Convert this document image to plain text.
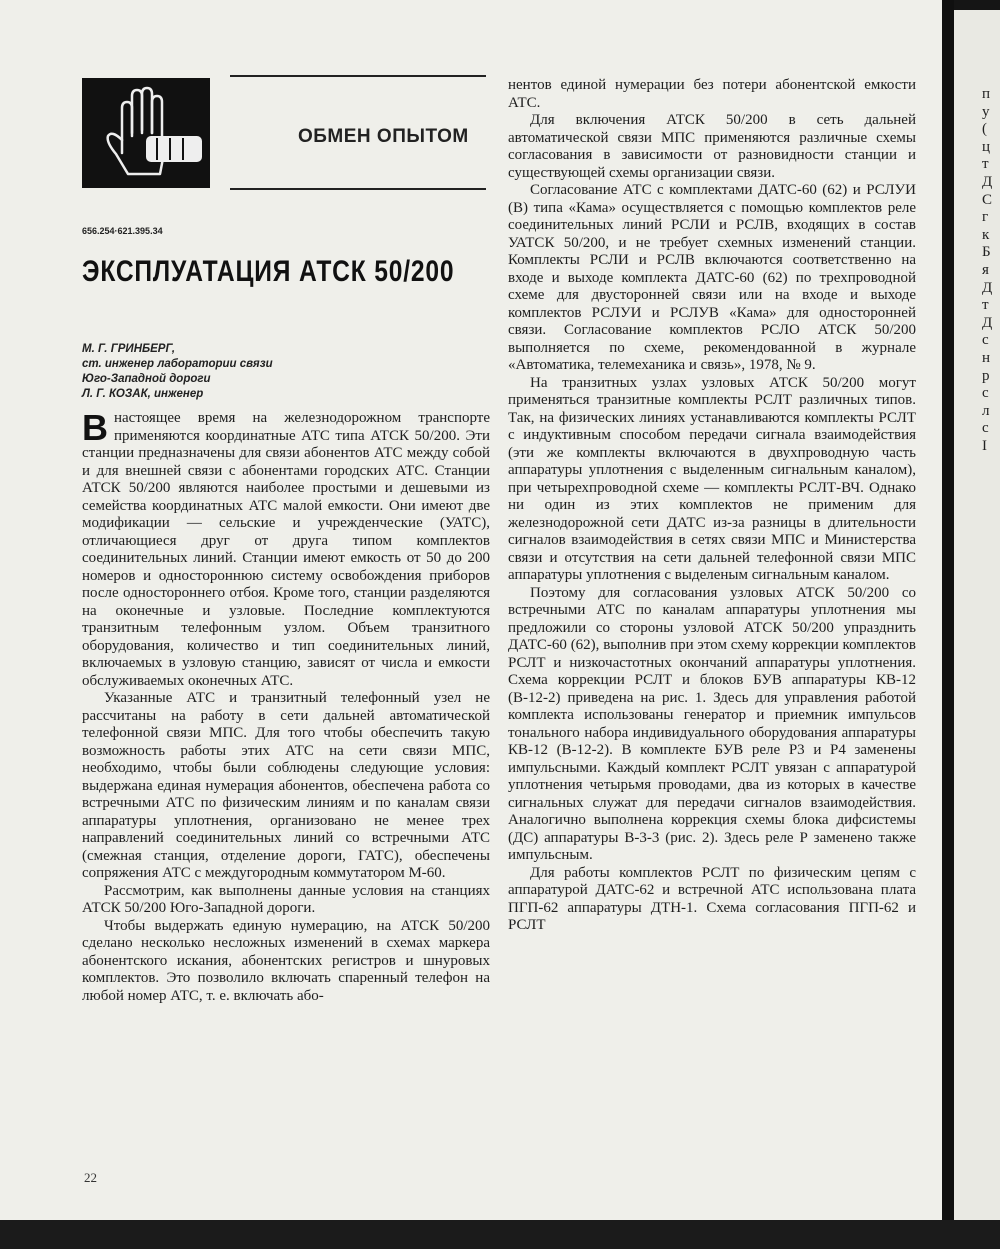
ОБМЕН ОПЫТОМ
656.254·621.395.34
ЭКСПЛУАТАЦИЯ АТСК 50/200
М. Г. ГРИНБЕРГ,
ст. инженер лаборатории связи
Юго-Западной дороги
Л. Г. КОЗАК, инженер

В настоящее время на железнодорожном транспорте применяются координатные АТС типа АТСК 50/200. Эти станции предназначены для связи абонентов АТС между собой и для внешней связи с абонентами городских АТС. Станции АТСК 50/200 являются наиболее простыми и дешевыми из семейства координатных АТС малой емкости. Они имеют две модификации — сельские и учрежденческие (УАТС), отличающиеся друг от друга типом комплектов соединительных линий. Станции имеют емкость от 50 до 200 номеров и одностороннюю систему освобождения приборов после одностороннего отбоя. Кроме того, станции разделяются на оконечные и узловые. Последние комплектуются транзитным телефонным узлом. Объем транзитного оборудования, количество и тип соединительных линий, включаемых в узловую станцию, зависят от числа и емкости обслуживаемых оконечных АТС.

Указанные АТС и транзитный телефонный узел не рассчитаны на работу в сети дальней автоматической телефонной связи МПС. Для того чтобы обеспечить такую возможность работы этих АТС на сети связи МПС, необходимо, чтобы были соблюдены следующие условия: выдержана единая нумерация абонентов, обеспечена работа со встречными АТС по физическим линиям и по каналам связи аппаратуры уплотнения, организовано не менее трех направлений соединительных линий со встречными АТС (смежная станция, отделение дороги, ГАТС), обеспечены сопряжения АТС с междугородным коммутатором М-60.

Рассмотрим, как выполнены данные условия на станциях АТСК 50/200 Юго-Западной дороги.

Чтобы выдержать единую нумерацию, на АТСК 50/200 сделано несколько несложных изменений в схемах маркера абонентского искания, абонентских регистров и шнуровых комплектов. Это позволило включать спаренный телефон на любой номер АТС, т. е. включать або-

нентов единой нумерации без потери абонентской емкости АТС.

Для включения АТСК 50/200 в сеть дальней автоматической связи МПС применяются различные схемы согласования в зависимости от разновидности станции и существующей схемы организации связи.

Согласование АТС с комплектами ДАТС-60 (62) и РСЛУИ (В) типа «Кама» осуществляется с помощью комплектов реле соединительных линий РСЛИ и РСЛВ, входящих в состав УАТСК 50/200, и не требует схемных изменений станции. Комплекты РСЛИ и РСЛВ включаются соответственно на входе и выходе комплекта ДАТС-60 (62) по трехпроводной схеме для двусторонней связи или на входе и выходе комплектов РСЛУИ и РСЛУВ «Кама» для односторонней связи. Согласование комплектов РСЛО АТСК 50/200 выполняется по схеме, рекомендованной в журнале «Автоматика, телемеханика и связь», 1978, № 9.

На транзитных узлах узловых АТСК 50/200 могут применяться транзитные комплекты РСЛТ различных типов. Так, на физических линиях устанавливаются комплекты РСЛТ с индуктивным способом передачи сигнала взаимодействия (эти же комплекты включаются в двухпроводную часть аппаратуры уплотнения с выделенным сигнальным каналом), при четырехпроводной схеме — комплекты РСЛТ-ВЧ. Однако ни один из этих комплектов не применим для железнодорожной сети ДАТС из-за разницы в длительности сигналов взаимодействия в сетях связи МПС и Министерства связи и отсутствия на сети дальней телефонной связи МПС аппаратуры уплотнения с выделеным сигнальным каналом.

Поэтому для согласования узловых АТСК 50/200 со встречными АТС по каналам аппаратуры уплотнения мы предложили со стороны узловой АТСК 50/200 упразднить ДАТС-60 (62), выполнив при этом схему коррекции комплектов РСЛТ и низкочастотных окончаний аппаратуры уплотнения. Схема коррекции РСЛТ и блоков БУВ аппаратуры КВ-12 (В-12-2) приведена на рис. 1. Здесь для управления работой комплекта использованы генератор и приемник импульсов тонального набора индивидуального оборудования аппаратуры КВ-12 (В-12-2). В комплекте БУВ реле Р3 и Р4 заменены импульсными. Каждый комплект РСЛТ увязан с аппаратурой уплотнения четырьмя проводами, два из которых в качестве сигнальных служат для передачи сигналов взаимодействия. Аналогично выполнена коррекция схемы блока дифсистемы (ДС) аппаратуры В-3-3 (рис. 2). Здесь реле Р заменено также импульсным.

Для работы комплектов РСЛТ по физическим цепям с аппаратурой ДАТС-62 и встречной АТС использована плата ПГП-62 аппаратуры ДТН-1. Схема согласования ПГП-62 и РСЛТ

22
п
у
(
ц
т
Д
С
г
к
Б
я
Д
т
Д
с
н
р
с
л
с
I
